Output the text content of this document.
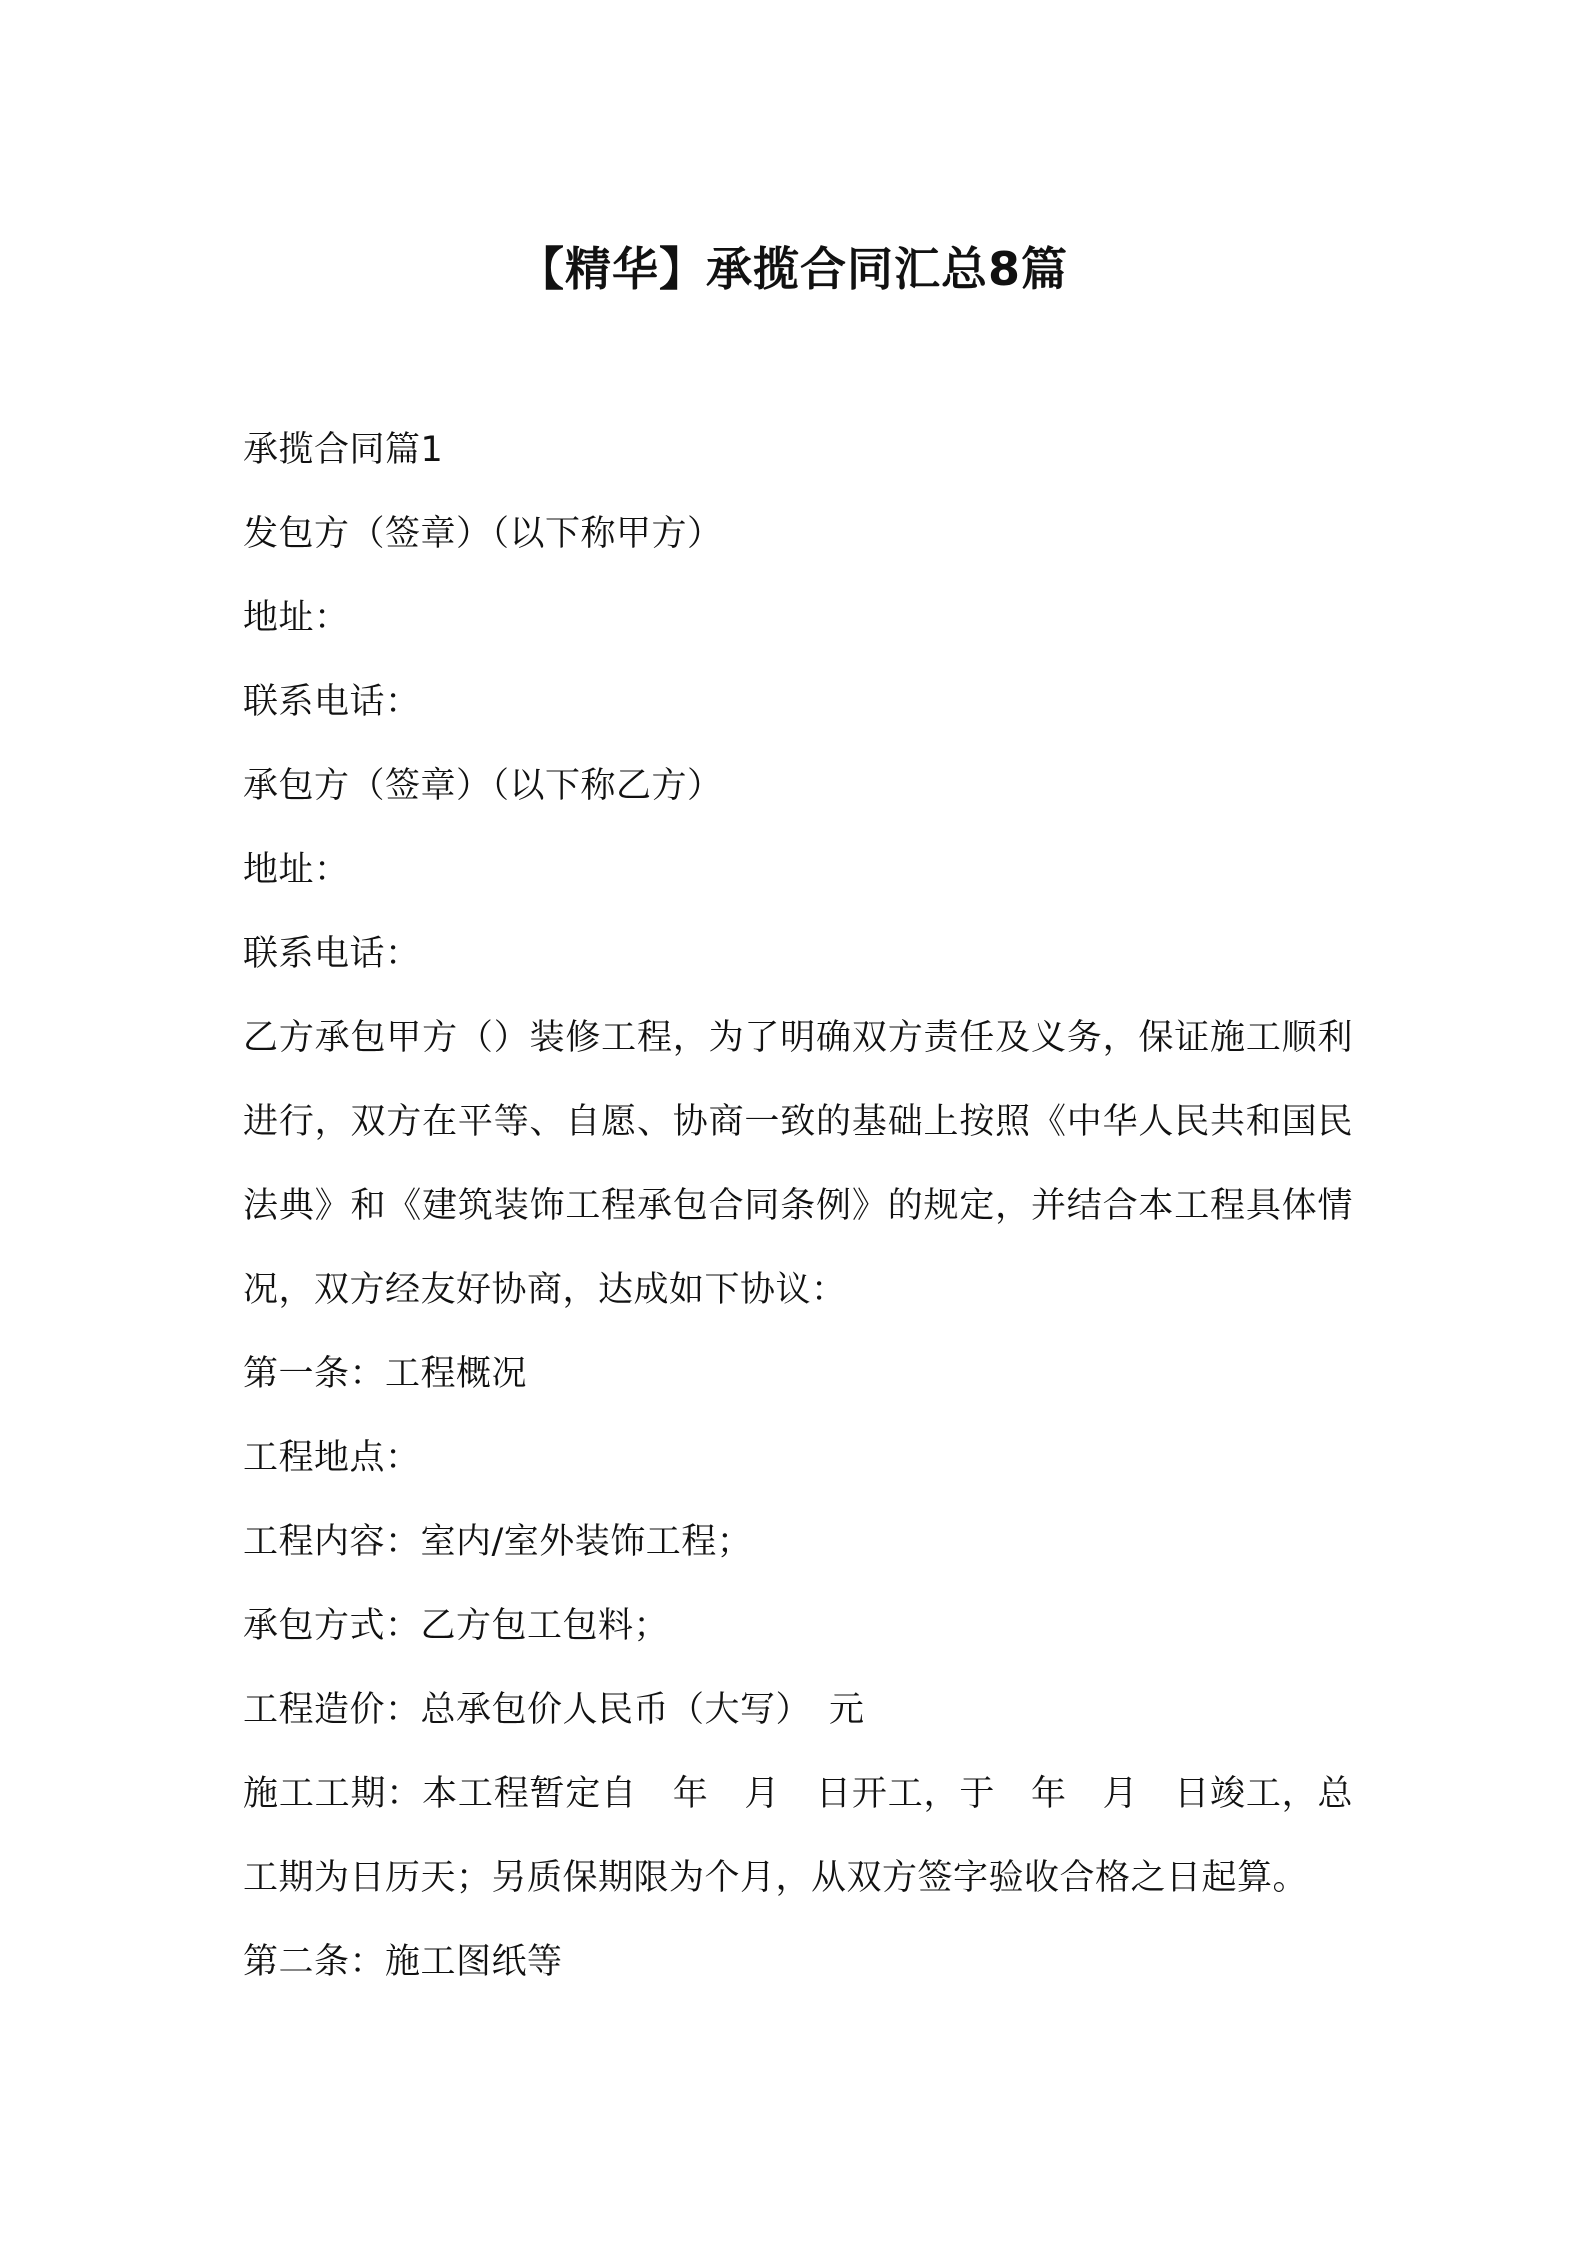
【精华】承揽合同汇总8篇

承揽合同篇1

发包方（签章）（以下称甲方）

地址：

联系电话：

承包方（签章）（以下称乙方）

地址：

联系电话：

乙方承包甲方（）装修工程，为了明确双方责任及义务，保证施工顺利进行，双方在平等、自愿、协商一致的基础上按照《中华人民共和国民法典》和《建筑装饰工程承包合同条例》的规定，并结合本工程具体情况，双方经友好协商，达成如下协议：

第一条：工程概况

工程地点：

工程内容：室内/室外装饰工程；

承包方式：乙方包工包料；

工程造价：总承包价人民币（大写）　元

施工工期：本工程暂定自　年　月　日开工，于　年　月　日竣工，总工期为日历天；另质保期限为个月，从双方签字验收合格之日起算。

第二条：施工图纸等
